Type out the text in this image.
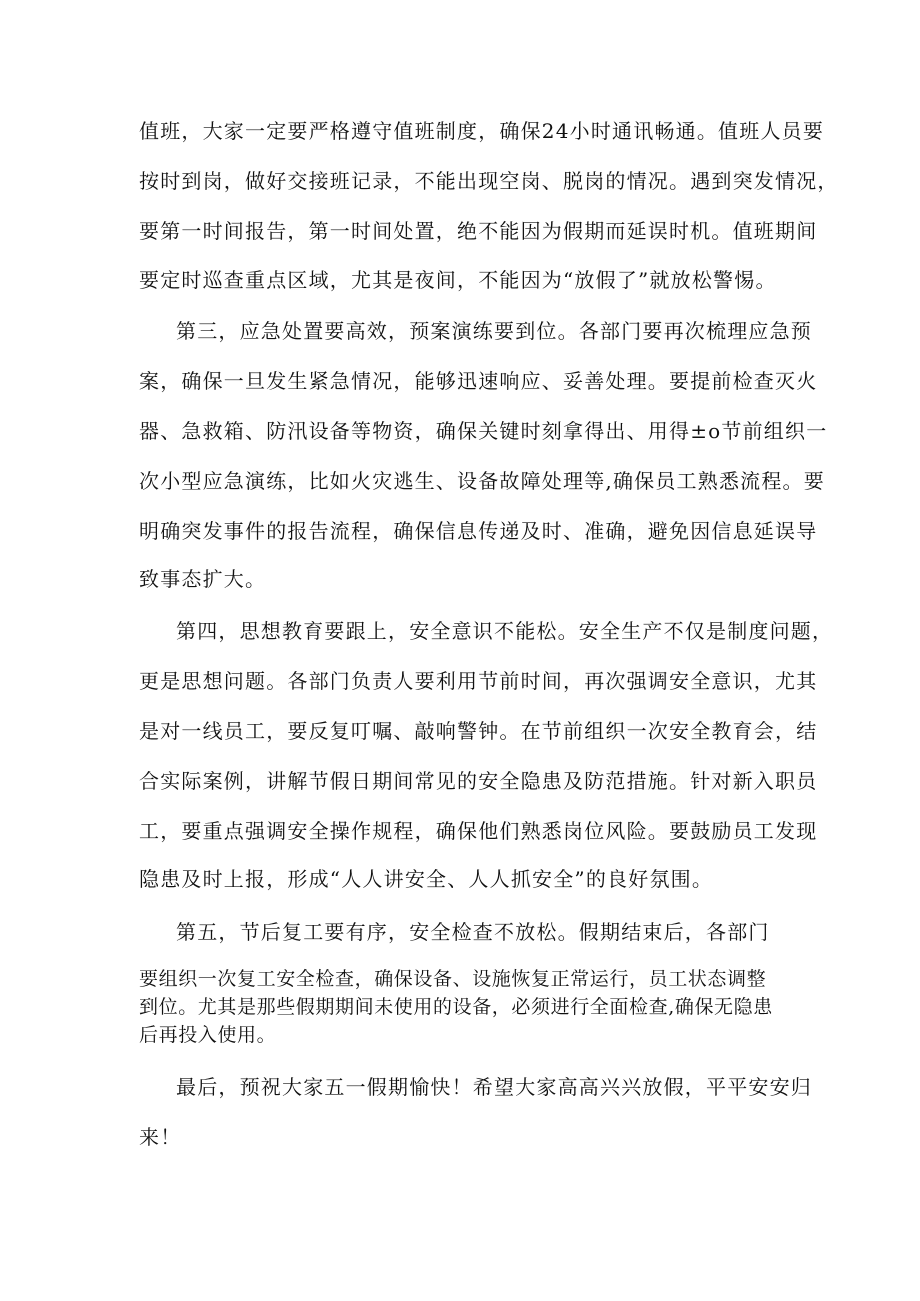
值班，大家一定要严格遵守值班制度，确保24小时通讯畅通。值班人员要
按时到岗，做好交接班记录，不能出现空岗、脱岗的情况。遇到突发情况，
要第一时间报告，第一时间处置，绝不能因为假期而延误时机。值班期间
要定时巡查重点区域，尤其是夜间，不能因为“放假了”就放松警惕。
第三，应急处置要高效，预案演练要到位。各部门要再次梳理应急预
案，确保一旦发生紧急情况，能够迅速响应、妥善处理。要提前检查灭火
器、急救箱、防汛设备等物资，确保关键时刻拿得出、用得±o节前组织一
次小型应急演练，比如火灾逃生、设备故障处理等,确保员工熟悉流程。要
明确突发事件的报告流程，确保信息传递及时、准确，避免因信息延误导
致事态扩大。
第四，思想教育要跟上，安全意识不能松。安全生产不仅是制度问题，
更是思想问题。各部门负责人要利用节前时间，再次强调安全意识，尤其
是对一线员工，要反复叮嘱、敲响警钟。在节前组织一次安全教育会，结
合实际案例，讲解节假日期间常见的安全隐患及防范措施。针对新入职员
工，要重点强调安全操作规程，确保他们熟悉岗位风险。要鼓励员工发现
隐患及时上报，形成“人人讲安全、人人抓安全”的良好氛围。
第五，节后复工要有序，安全检查不放松。假期结束后，各部门
要组织一次复工安全检查，确保设备、设施恢复正常运行，员工状态调整
到位。尤其是那些假期期间未使用的设备，必须进行全面检查,确保无隐患
后再投入使用。
最后，预祝大家五一假期愉快！希望大家高高兴兴放假，平平安安归
来！
